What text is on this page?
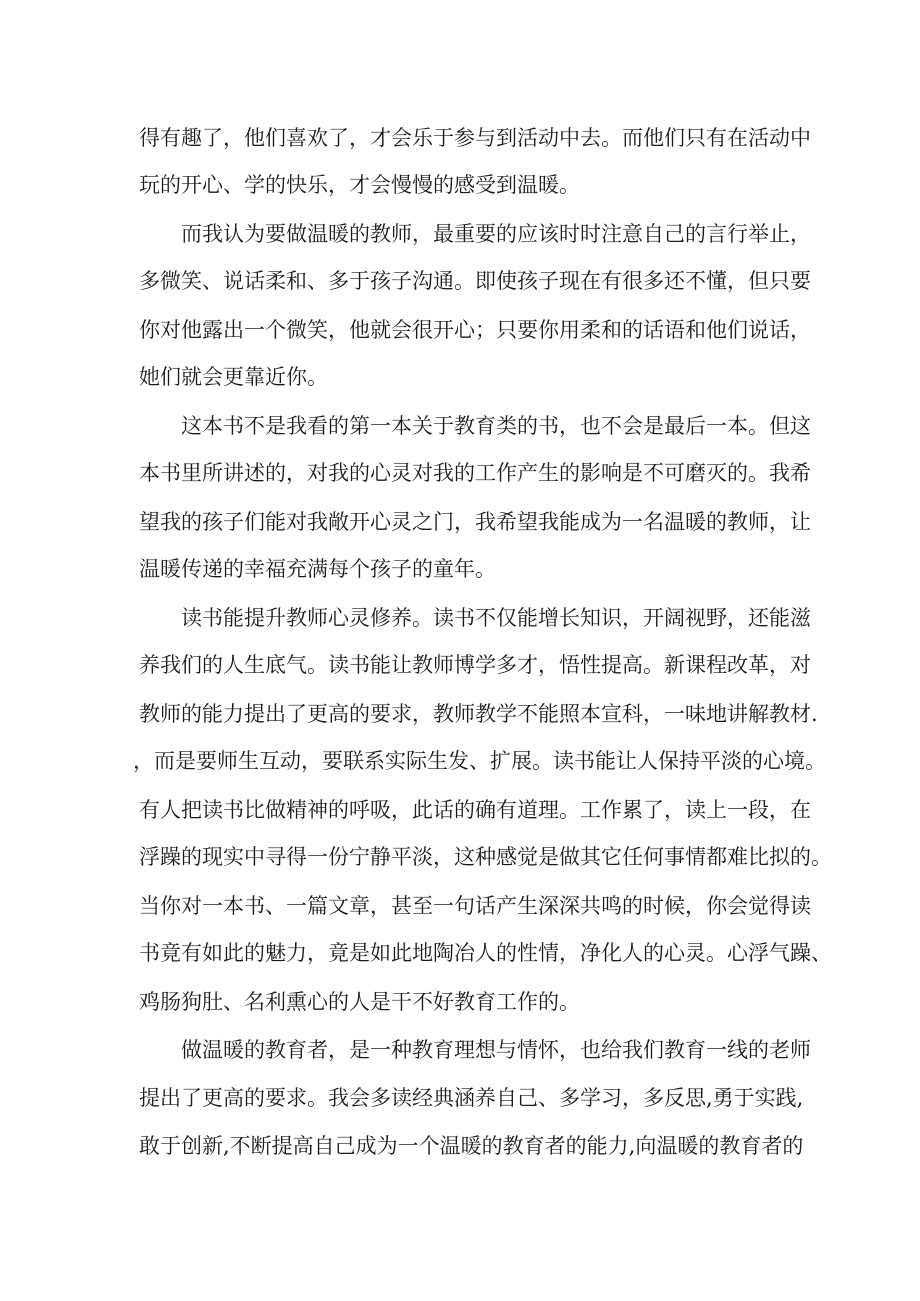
得有趣了，他们喜欢了，才会乐于参与到活动中去。而他们只有在活动中

玩的开心、学的快乐，才会慢慢的感受到温暖。

而我认为要做温暖的教师，最重要的应该时时注意自己的言行举止，

多微笑、说话柔和、多于孩子沟通。即使孩子现在有很多还不懂，但只要

你对他露出一个微笑，他就会很开心；只要你用柔和的话语和他们说话，

她们就会更靠近你。

这本书不是我看的第一本关于教育类的书，也不会是最后一本。但这

本书里所讲述的，对我的心灵对我的工作产生的影响是不可磨灭的。我希

望我的孩子们能对我敞开心灵之门，我希望我能成为一名温暖的教师，让

温暖传递的幸福充满每个孩子的童年。

读书能提升教师心灵修养。读书不仅能增长知识，开阔视野，还能滋

养我们的人生底气。读书能让教师博学多才，悟性提高。新课程改革，对

教师的能力提出了更高的要求，教师教学不能照本宣科，一味地讲解教材.

，而是要师生互动，要联系实际生发、扩展。读书能让人保持平淡的心境。

有人把读书比做精神的呼吸，此话的确有道理。工作累了，读上一段，在

浮躁的现实中寻得一份宁静平淡，这种感觉是做其它任何事情都难比拟的。

当你对一本书、一篇文章，甚至一句话产生深深共鸣的时候，你会觉得读

书竟有如此的魅力，竟是如此地陶冶人的性情，净化人的心灵。心浮气躁、

鸡肠狗肚、名利熏心的人是干不好教育工作的。

做温暖的教育者，是一种教育理想与情怀，也给我们教育一线的老师

提出了更高的要求。我会多读经典涵养自己、多学习，多反思,勇于实践,

敢于创新,不断提高自己成为一个温暖的教育者的能力,向温暖的教育者的
